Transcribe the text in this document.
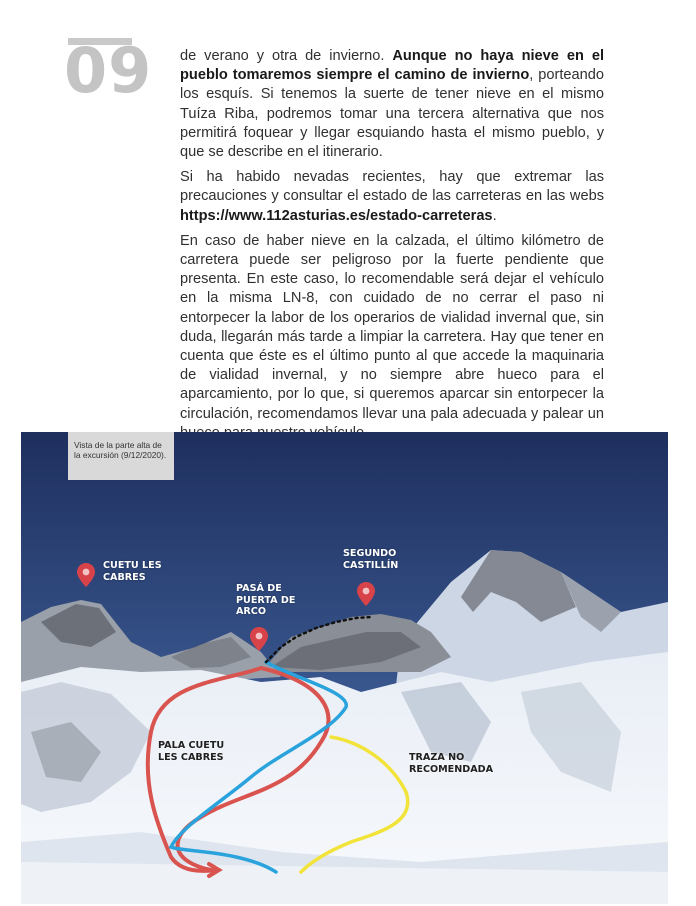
09 de verano y otra de invierno. Aunque no haya nieve en el pueblo tomaremos siempre el camino de invierno, porteando los esquís. Si tenemos la suerte de tener nieve en el mismo Tuíza Riba, podremos tomar una tercera alternativa que nos permitirá foquear y llegar esquiando hasta el mismo pueblo, y que se describe en el itinerario.

Si ha habido nevadas recientes, hay que extremar las precauciones y consultar el estado de las carreteras en las webs https://www.112asturias.es/estado-carreteras.

En caso de haber nieve en la calzada, el último kilómetro de carretera puede ser peligroso por la fuerte pendiente que presenta. En este caso, lo recomendable será dejar el vehículo en la misma LN-8, con cuidado de no cerrar el paso ni entorpecer la labor de los operarios de vialidad invernal que, sin duda, llegarán más tarde a limpiar la carretera. Hay que tener en cuenta que éste es el último punto al que accede la maquinaria de vialidad invernal, y no siempre abre hueco para el aparcamiento, por lo que, si queremos aparcar sin entorpecer la circulación, recomendamos llevar una pala adecuada y palear un

Vista de la parte alta de la excursión (9/12/2020).
CUETU LES CABRES
PASÁ DE PUERTA DE ARCO
SEGUNDO CASTILLÍN
PALA CUETU LES CABRES	TRAZA NO RECOMENDADA
